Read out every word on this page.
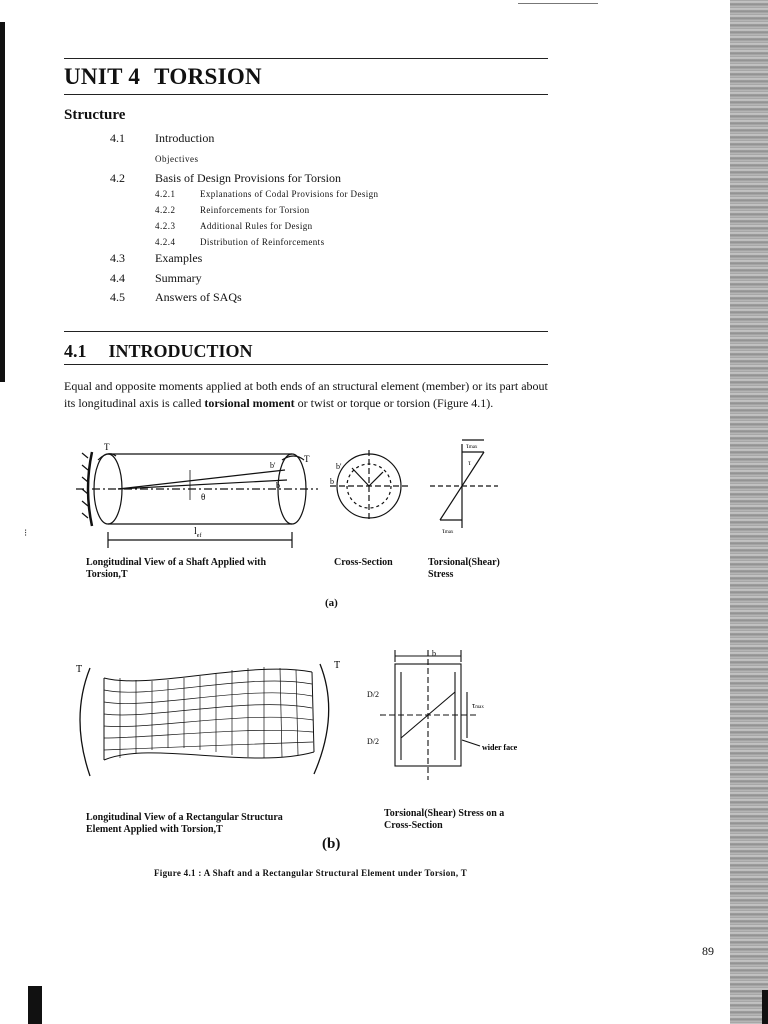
⁝
UNIT 4 TORSION
Structure
4.1	Introduction
Objectives
4.2	Basis of Design Provisions for Torsion
4.2.1	Explanations of Codal Provisions for Design
4.2.2	Reinforcements for Torsion
4.2.3	Additional Rules for Design
4.2.4	Distribution of Reinforcements
4.3	Examples
4.4	Summary
4.5	Answers of SAQs
4.1 INTRODUCTION
Equal and opposite moments applied at both ends of an structural element (member) or its part about its longitudinal axis is called torsional moment or twist or torque or torsion (Figure 4.1).
T
T
b'
b
θ
$l_{ef}$
b'
b
τmax
τ
τmax
T	T
b
D/2
D/2
τmax
wider face
Longitudinal View of a Shaft Applied with Torsion,T
Cross-Section	Torsional(Shear) Stress
(a)
Longitudinal View of a Rectangular Structura Element Applied with Torsion,T
Torsional(Shear) Stress on a Cross-Section
(b)
Figure 4.1 : A Shaft and a Rectangular Structural Element under Torsion, T
89
